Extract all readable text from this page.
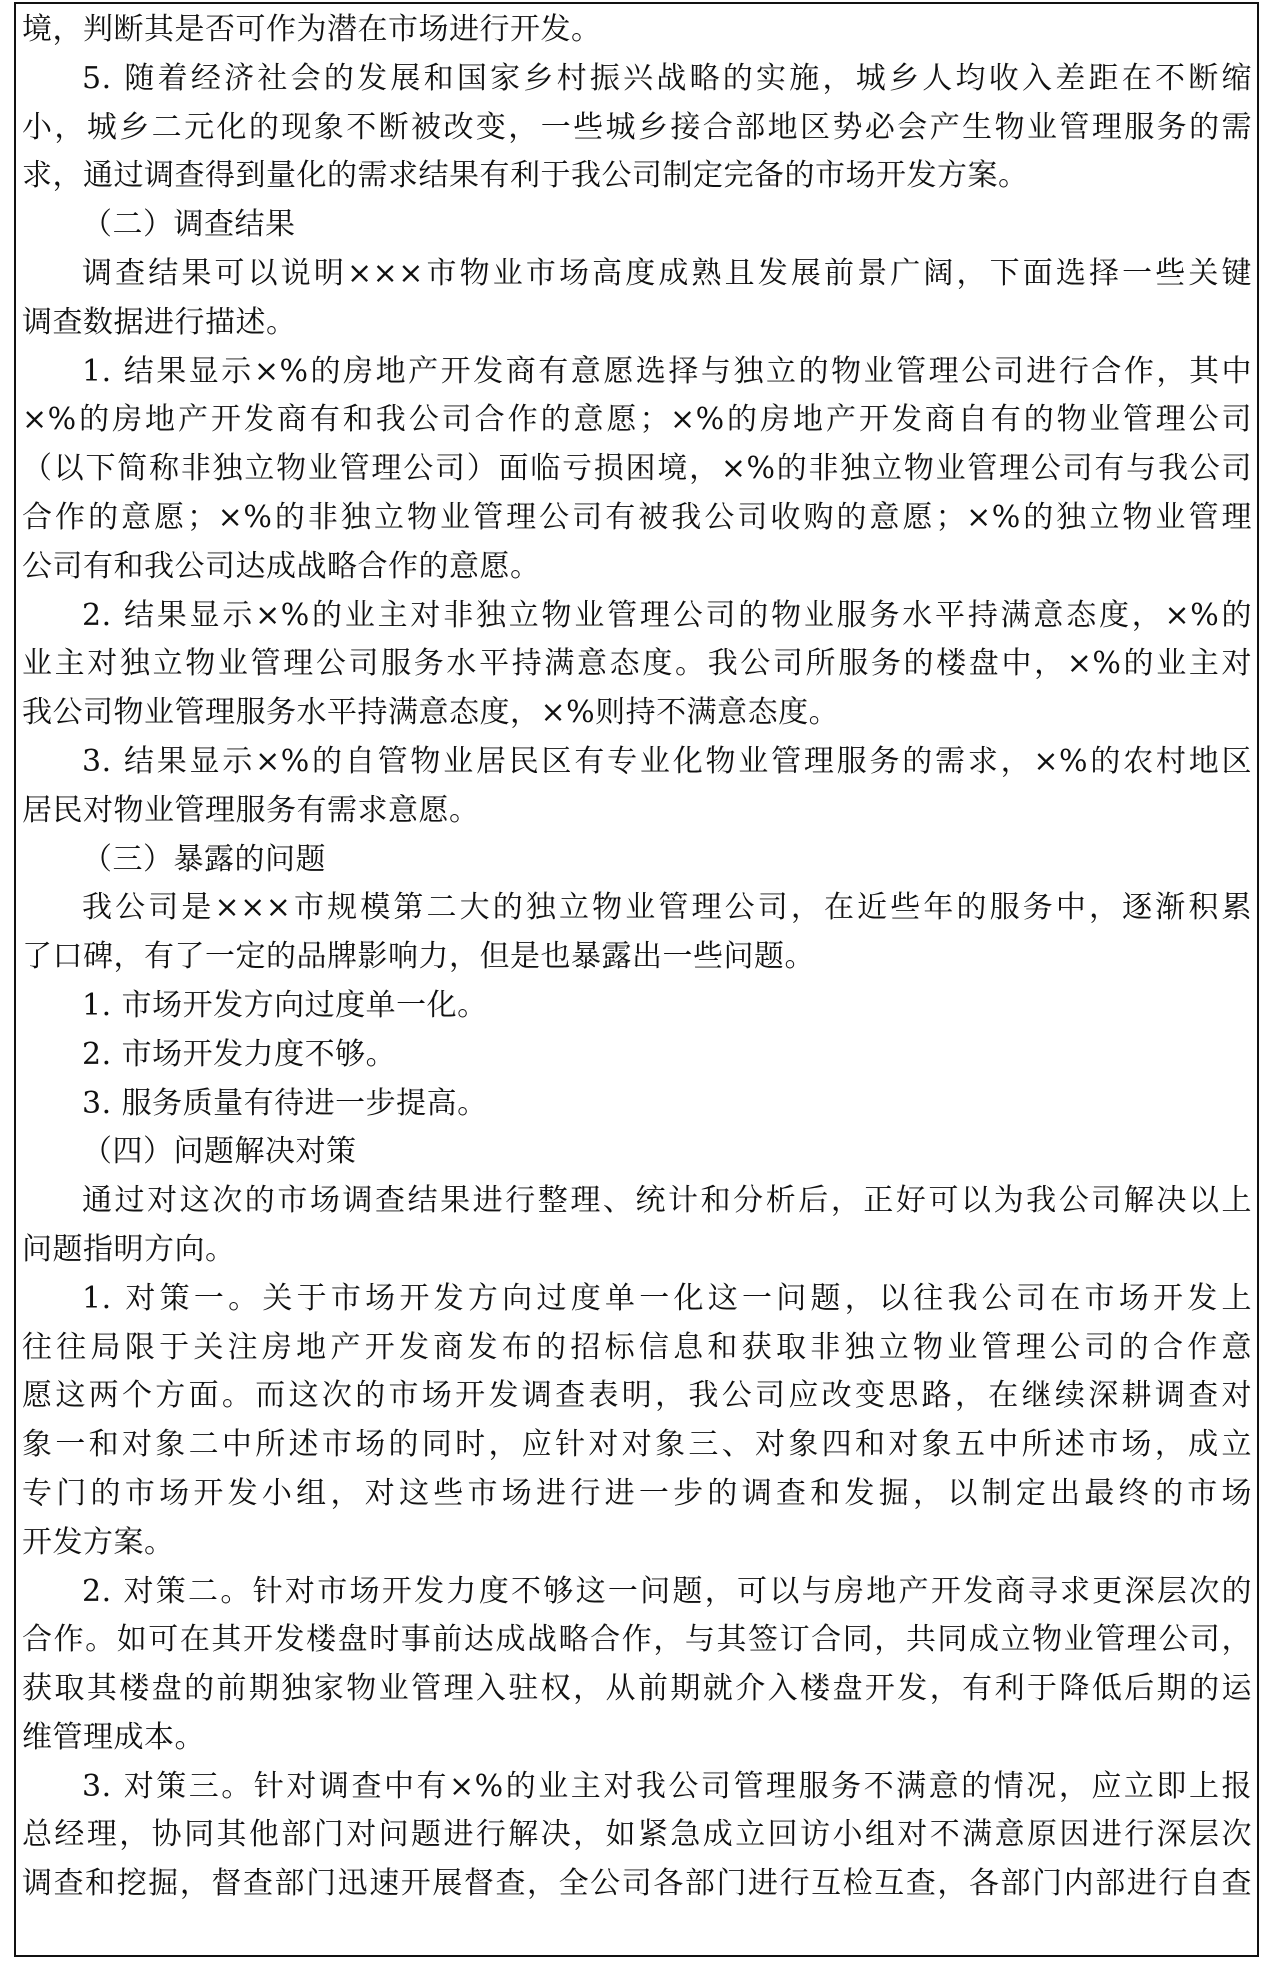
境，判断其是否可作为潜在市场进行开发。
5. 随着经济社会的发展和国家乡村振兴战略的实施，城乡人均收入差距在不断缩
小，城乡二元化的现象不断被改变，一些城乡接合部地区势必会产生物业管理服务的需
求，通过调查得到量化的需求结果有利于我公司制定完备的市场开发方案。
（二）调查结果
调查结果可以说明×××市物业市场高度成熟且发展前景广阔，下面选择一些关键
调查数据进行描述。
1. 结果显示×%的房地产开发商有意愿选择与独立的物业管理公司进行合作，其中
×%的房地产开发商有和我公司合作的意愿；×%的房地产开发商自有的物业管理公司
（以下简称非独立物业管理公司）面临亏损困境，×%的非独立物业管理公司有与我公司
合作的意愿；×%的非独立物业管理公司有被我公司收购的意愿；×%的独立物业管理
公司有和我公司达成战略合作的意愿。
2. 结果显示×%的业主对非独立物业管理公司的物业服务水平持满意态度，×%的
业主对独立物业管理公司服务水平持满意态度。我公司所服务的楼盘中，×%的业主对
我公司物业管理服务水平持满意态度，×%则持不满意态度。
3. 结果显示×%的自管物业居民区有专业化物业管理服务的需求，×%的农村地区
居民对物业管理服务有需求意愿。
（三）暴露的问题
我公司是×××市规模第二大的独立物业管理公司，在近些年的服务中，逐渐积累
了口碑，有了一定的品牌影响力，但是也暴露出一些问题。
1. 市场开发方向过度单一化。
2. 市场开发力度不够。
3. 服务质量有待进一步提高。
（四）问题解决对策
通过对这次的市场调查结果进行整理、统计和分析后，正好可以为我公司解决以上
问题指明方向。
1. 对策一。关于市场开发方向过度单一化这一问题，以往我公司在市场开发上
往往局限于关注房地产开发商发布的招标信息和获取非独立物业管理公司的合作意
愿这两个方面。而这次的市场开发调查表明，我公司应改变思路，在继续深耕调查对
象一和对象二中所述市场的同时，应针对对象三、对象四和对象五中所述市场，成立
专门的市场开发小组，对这些市场进行进一步的调查和发掘，以制定出最终的市场
开发方案。
2. 对策二。针对市场开发力度不够这一问题，可以与房地产开发商寻求更深层次的
合作。如可在其开发楼盘时事前达成战略合作，与其签订合同，共同成立物业管理公司，
获取其楼盘的前期独家物业管理入驻权，从前期就介入楼盘开发，有利于降低后期的运
维管理成本。
3. 对策三。针对调查中有×%的业主对我公司管理服务不满意的情况，应立即上报
总经理，协同其他部门对问题进行解决，如紧急成立回访小组对不满意原因进行深层次
调查和挖掘，督查部门迅速开展督查，全公司各部门进行互检互查，各部门内部进行自查
